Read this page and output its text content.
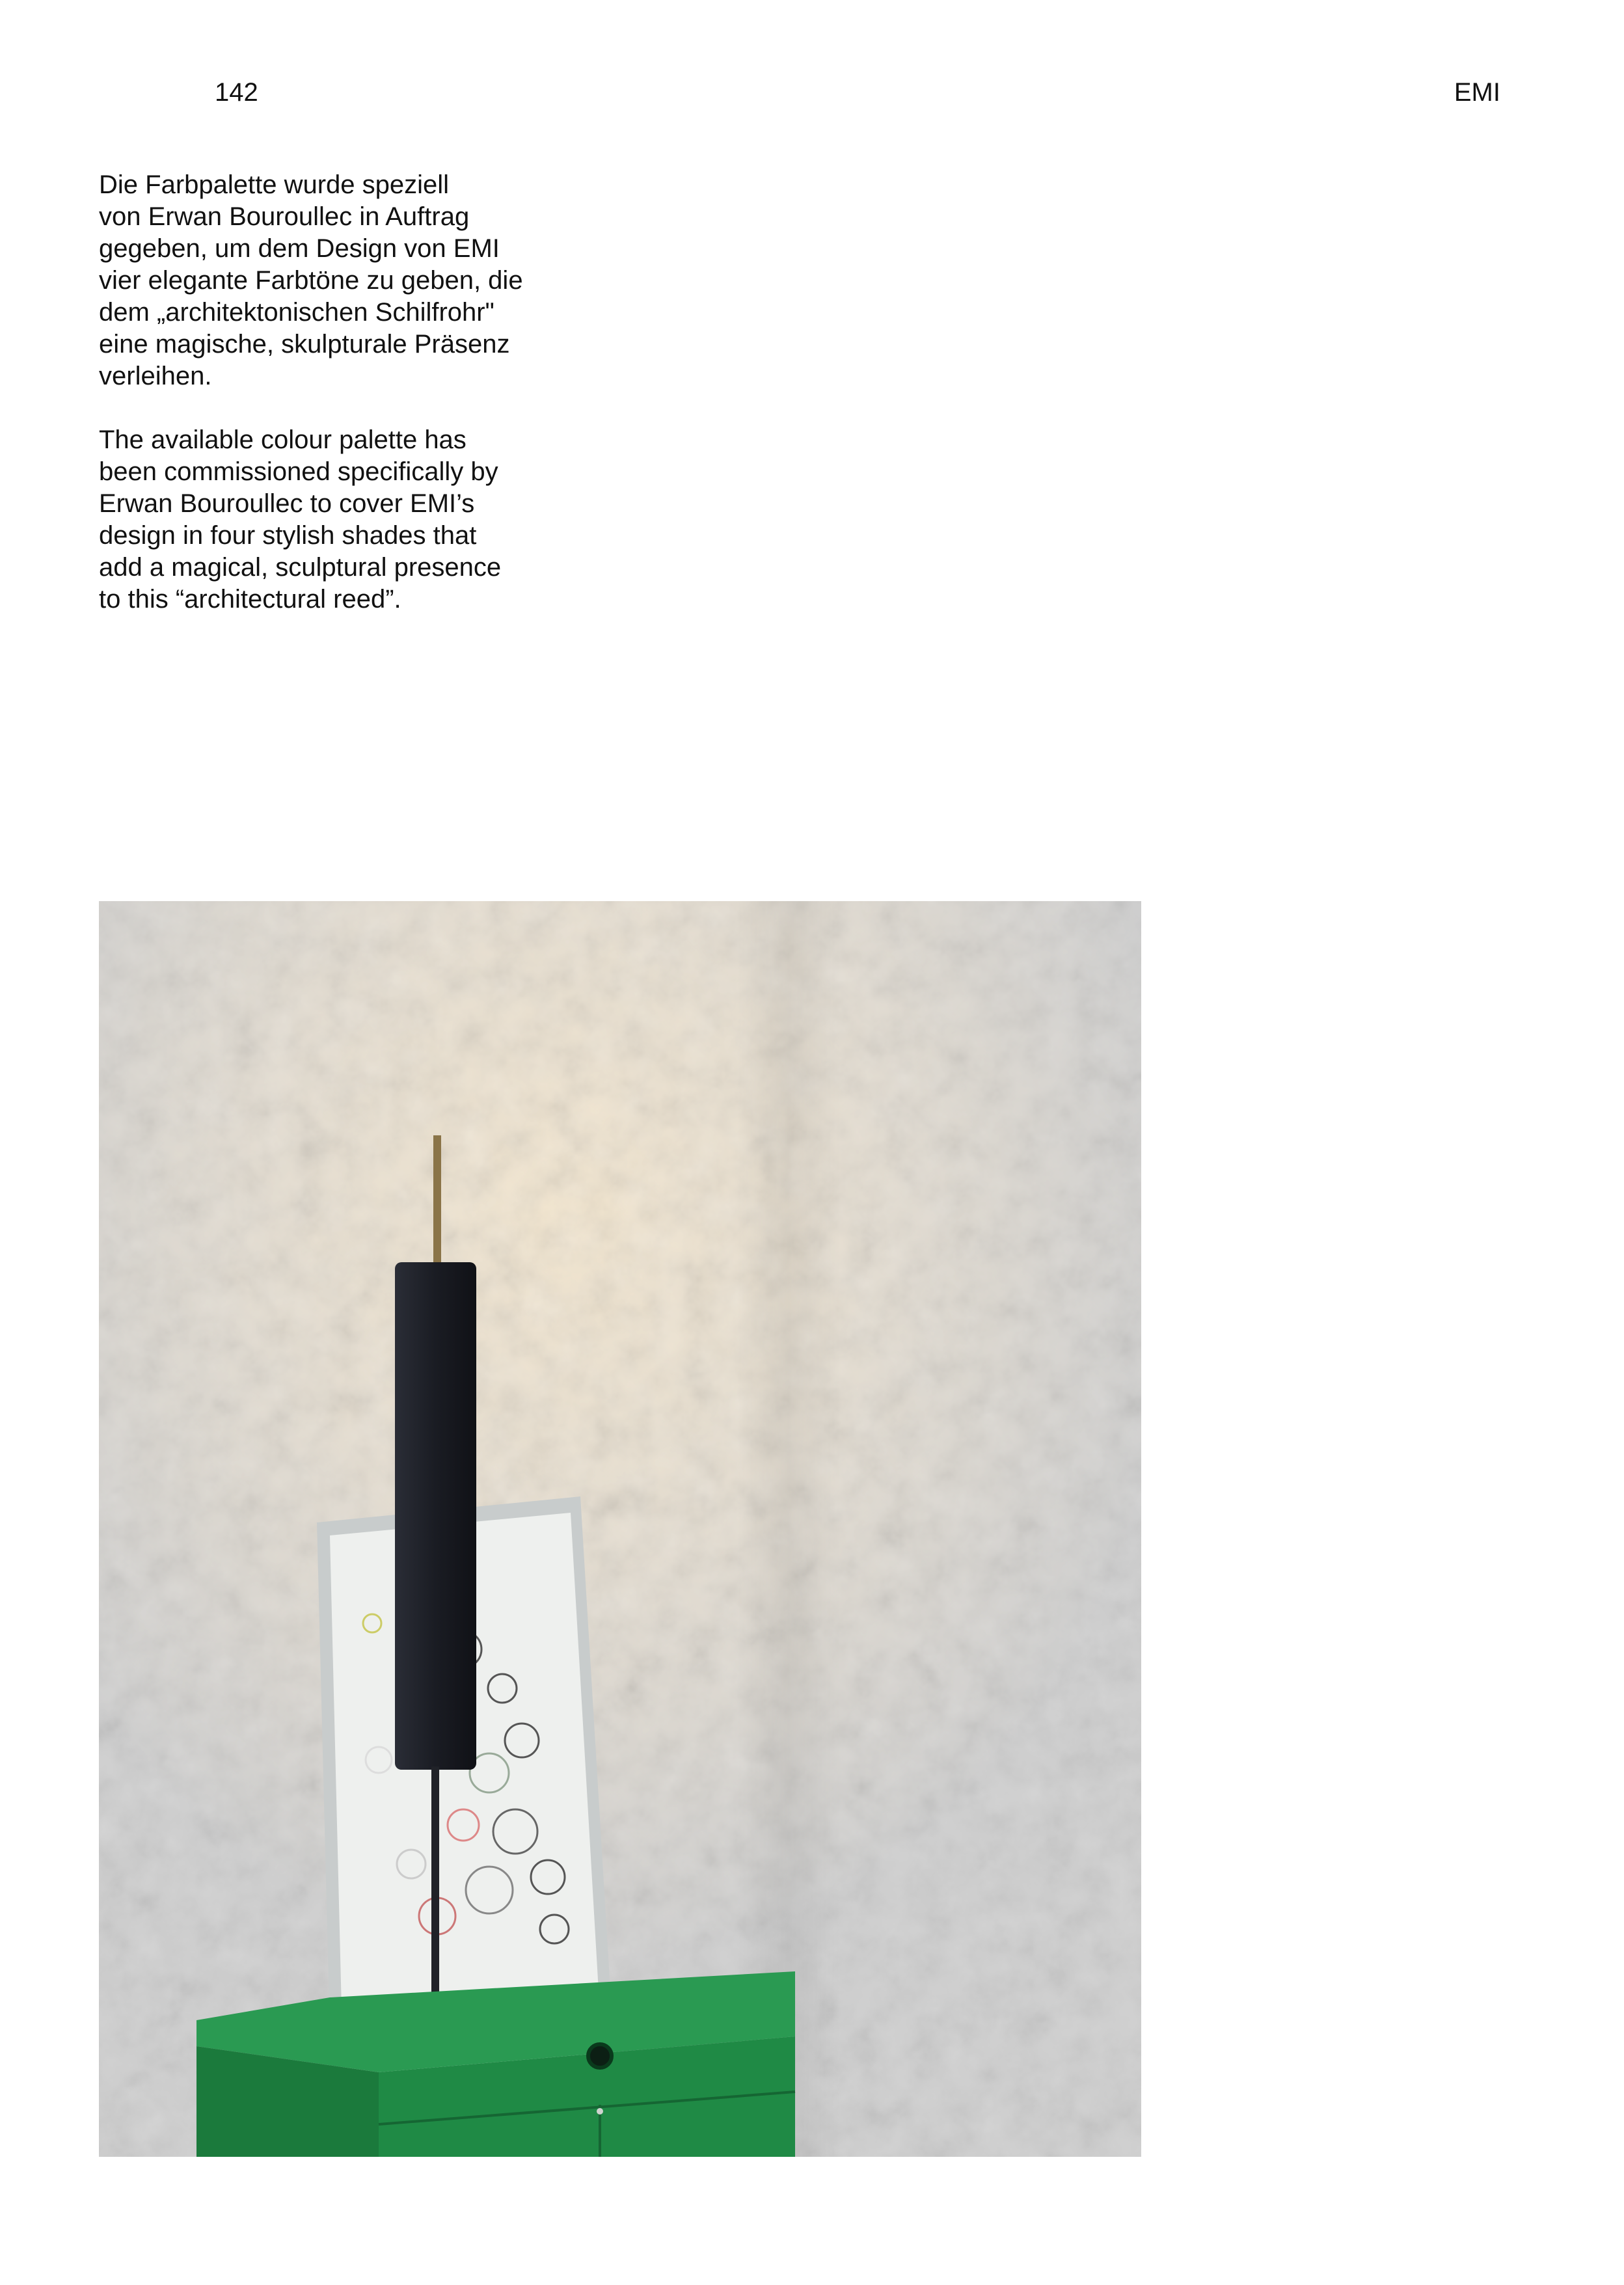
142	EMI

Die Farbpalette wurde speziell
von Erwan Bouroullec in Auftrag
gegeben, um dem Design von EMI
vier elegante Farbtöne zu geben, die
dem „architektonischen Schilfrohr"
eine magische, skulpturale Präsenz
verleihen.

The available colour palette has
been commissioned specifically by
Erwan Bouroullec to cover EMI’s
design in four stylish shades that
add a magical, sculptural presence
to this “architectural reed”.
